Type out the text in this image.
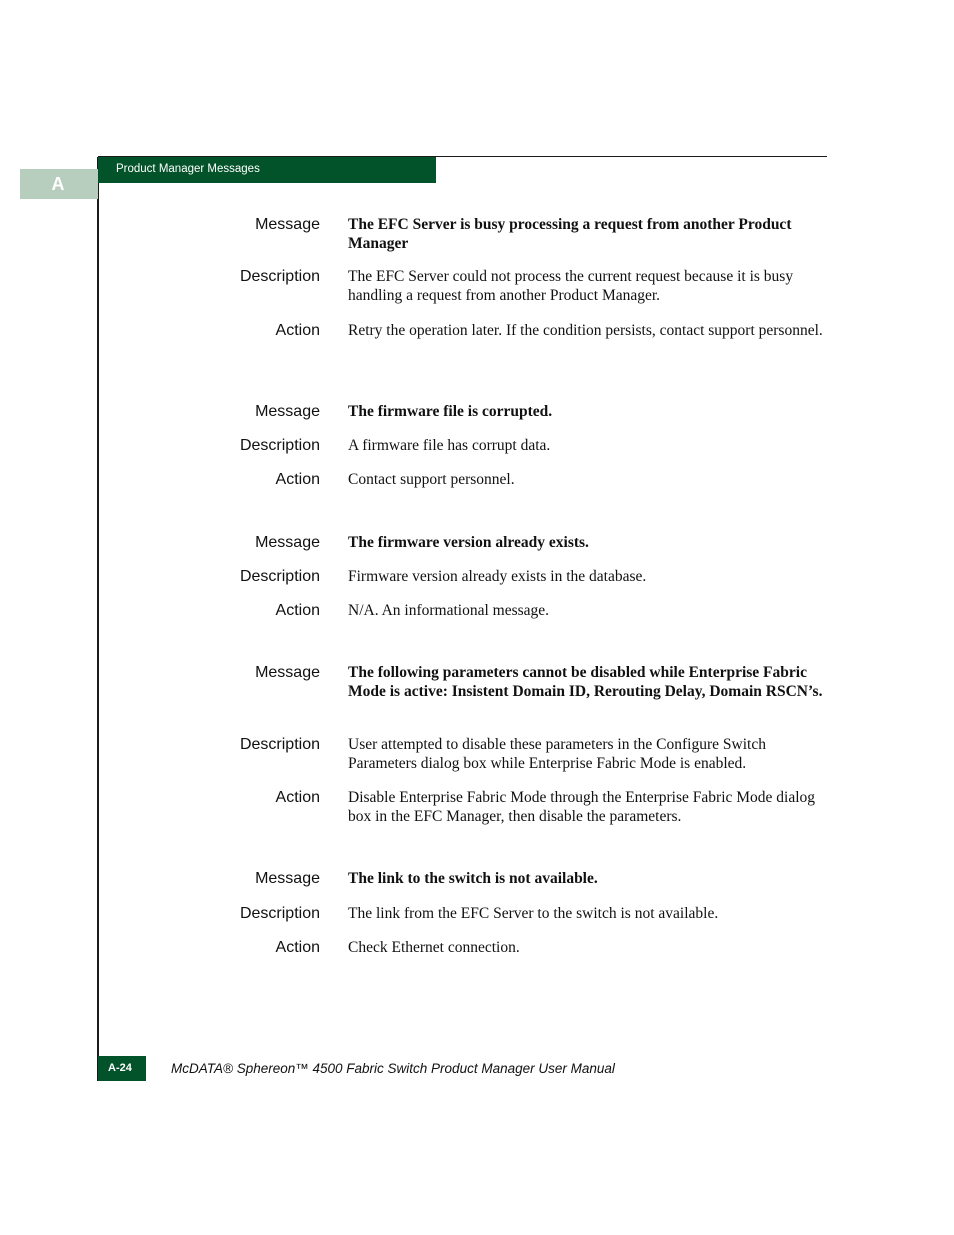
A
Product Manager Messages
Message The EFC Server is busy processing a request from another Product Manager
Description The EFC Server could not process the current request because it is busy handling a request from another Product Manager.
Action Retry the operation later. If the condition persists, contact support personnel.
Message The firmware file is corrupted.
Description A firmware file has corrupt data.
Action Contact support personnel.
Message The firmware version already exists.
Description Firmware version already exists in the database.
Action N/A. An informational message.
Message The following parameters cannot be disabled while Enterprise Fabric Mode is active: Insistent Domain ID, Rerouting Delay, Domain RSCN’s.
Description User attempted to disable these parameters in the Configure Switch Parameters dialog box while Enterprise Fabric Mode is enabled.
Action Disable Enterprise Fabric Mode through the Enterprise Fabric Mode dialog box in the EFC Manager, then disable the parameters.
Message The link to the switch is not available.
Description The link from the EFC Server to the switch is not available.
Action Check Ethernet connection.
A-24	McDATA® Sphereon™ 4500 Fabric Switch Product Manager User Manual
